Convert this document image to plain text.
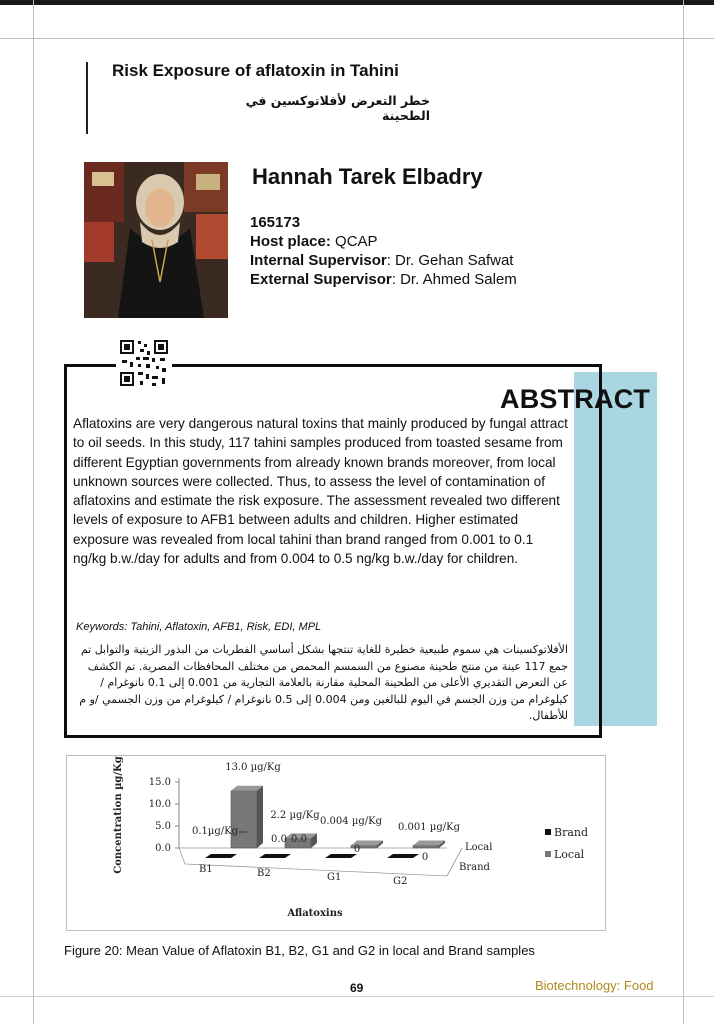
Risk Exposure of aflatoxin in Tahini
خطر التعرض لأفلاتوكسين في الطحينة
Hannah Tarek Elbadry
165173
Host place: QCAP
Internal Supervisor: Dr. Gehan Safwat
External Supervisor: Dr. Ahmed Salem
ABSTRACT
Aflatoxins are very dangerous natural toxins that mainly produced by fungal attract to oil seeds. In this study, 117 tahini samples produced from toasted sesame from different Egyptian governments from already known brands moreover, from local unknown sources were collected. Thus, to assess the level of contamination of aflatoxins and estimate the risk exposure. The assessment revealed two different levels of exposure to AFB1 between adults and children. Higher estimated exposure was revealed from local tahini than brand ranged from 0.001 to 0.1 ng/kg b.w./day for adults and from 0.004 to 0.5 ng/kg b.w./day for children.
Keywords: Tahini, Aflatoxin, AFB1, Risk, EDI, MPL
الأفلاتوكسينات هي سموم طبيعية خطيرة للغاية تنتجها بشكل أساسي الفطريات من البذور الزيتية والتوابل تم جمع 117 عينة من منتج طحينة مصنوع من السمسم المحمص من مختلف المحافظات المصرية. تم الكشف عن التعرض التقديري الأعلى من الطحينة المحلية مقارنة بالعلامة التجارية من 0.001 إلى 0.1 نانوغرام / كيلوغرام من وزن الجسم في اليوم للبالغين ومن 0.004 إلى 0.5 نانوغرام / كيلوغرام من وزن الجسمي /و م للأطفال.
15.0
10.0
5.0
0.0
Concentration µg/Kg	B1	B2	G1	G2
13.0 µg/Kg
2.2 µg/Kg
0.004 µg/Kg
0.001 µg/Kg
0.1µg/Kg
0.0 0.0
0
0
Local
Brand
Aflatoxins
Brand
Local
Figure 20: Mean Value of Aflatoxin B1, B2, G1 and G2 in local and Brand samples
69	Biotechnology: Food
